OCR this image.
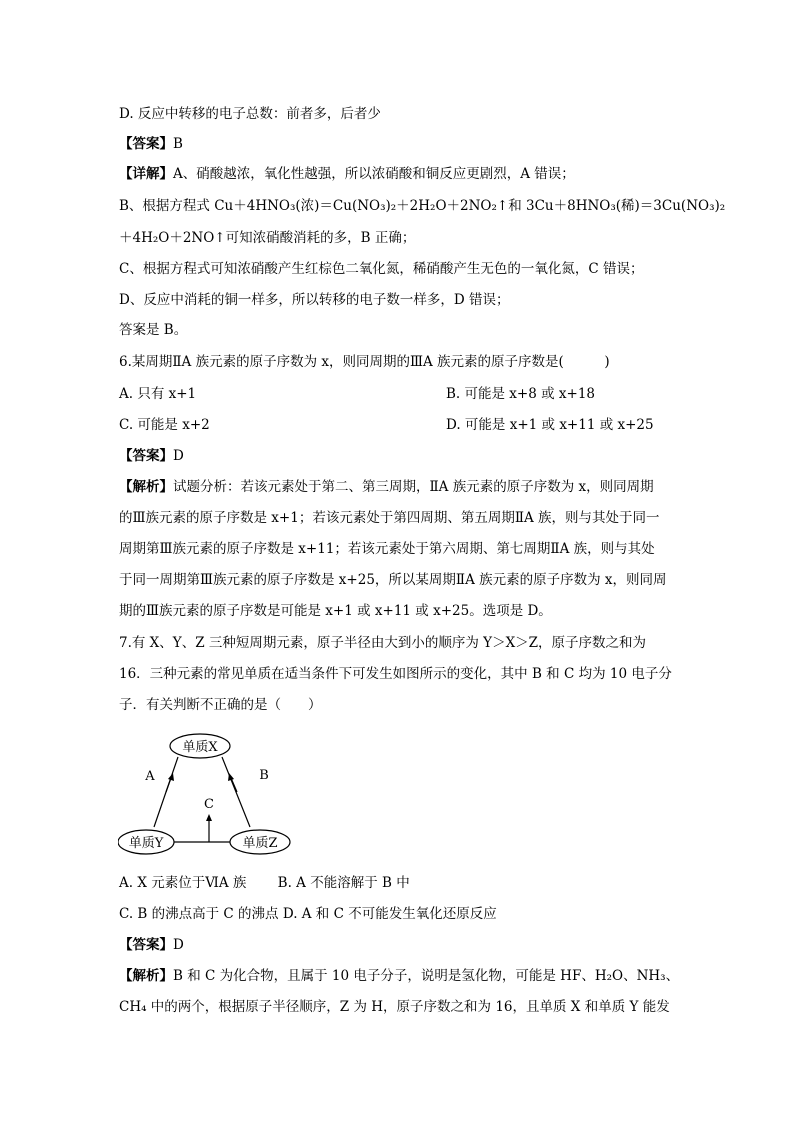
D. 反应中转移的电子总数：前者多，后者少
【答案】B
【详解】A、硝酸越浓，氧化性越强，所以浓硝酸和铜反应更剧烈，A 错误；
B、根据方程式 Cu＋4HNO₃(浓)＝Cu(NO₃)₂＋2H₂O＋2NO₂↑和 3Cu＋8HNO₃(稀)＝3Cu(NO₃)₂
＋4H₂O＋2NO↑可知浓硝酸消耗的多，B 正确；
C、根据方程式可知浓硝酸产生红棕色二氧化氮，稀硝酸产生无色的一氧化氮，C 错误；
D、反应中消耗的铜一样多，所以转移的电子数一样多，D 错误；
答案是 B。
6.某周期ⅡA 族元素的原子序数为 x，则同周期的ⅢA 族元素的原子序数是(　　　)
A. 只有 x+1	B. 可能是 x+8 或 x+18
C. 可能是 x+2	D. 可能是 x+1 或 x+11 或 x+25
【答案】D
【解析】试题分析：若该元素处于第二、第三周期，ⅡA 族元素的原子序数为 x，则同周期
的Ⅲ族元素的原子序数是 x+1；若该元素处于第四周期、第五周期ⅡA 族，则与其处于同一
周期第Ⅲ族元素的原子序数是 x+11；若该元素处于第六周期、第七周期ⅡA 族，则与其处
于同一周期第Ⅲ族元素的原子序数是 x+25，所以某周期ⅡA 族元素的原子序数为 x，则同周
期的Ⅲ族元素的原子序数是可能是 x+1 或 x+11 或 x+25。选项是 D。
7.有 X、Y、Z 三种短周期元素，原子半径由大到小的顺序为 Y＞X＞Z，原子序数之和为
16．三种元素的常见单质在适当条件下可发生如图所示的变化，其中 B 和 C 均为 10 电子分
子．有关判断不正确的是（　　）
单质X
单质Y	单质Z
A	B
C
A. X 元素位于ⅥA 族　　 B. A 不能溶解于 B 中
C. B 的沸点高于 C 的沸点 D. A 和 C 不可能发生氧化还原反应
【答案】D
【解析】B 和 C 为化合物，且属于 10 电子分子，说明是氢化物，可能是 HF、H₂O、NH₃、
CH₄ 中的两个，根据原子半径顺序，Z 为 H，原子序数之和为 16，且单质 X 和单质 Y 能发
